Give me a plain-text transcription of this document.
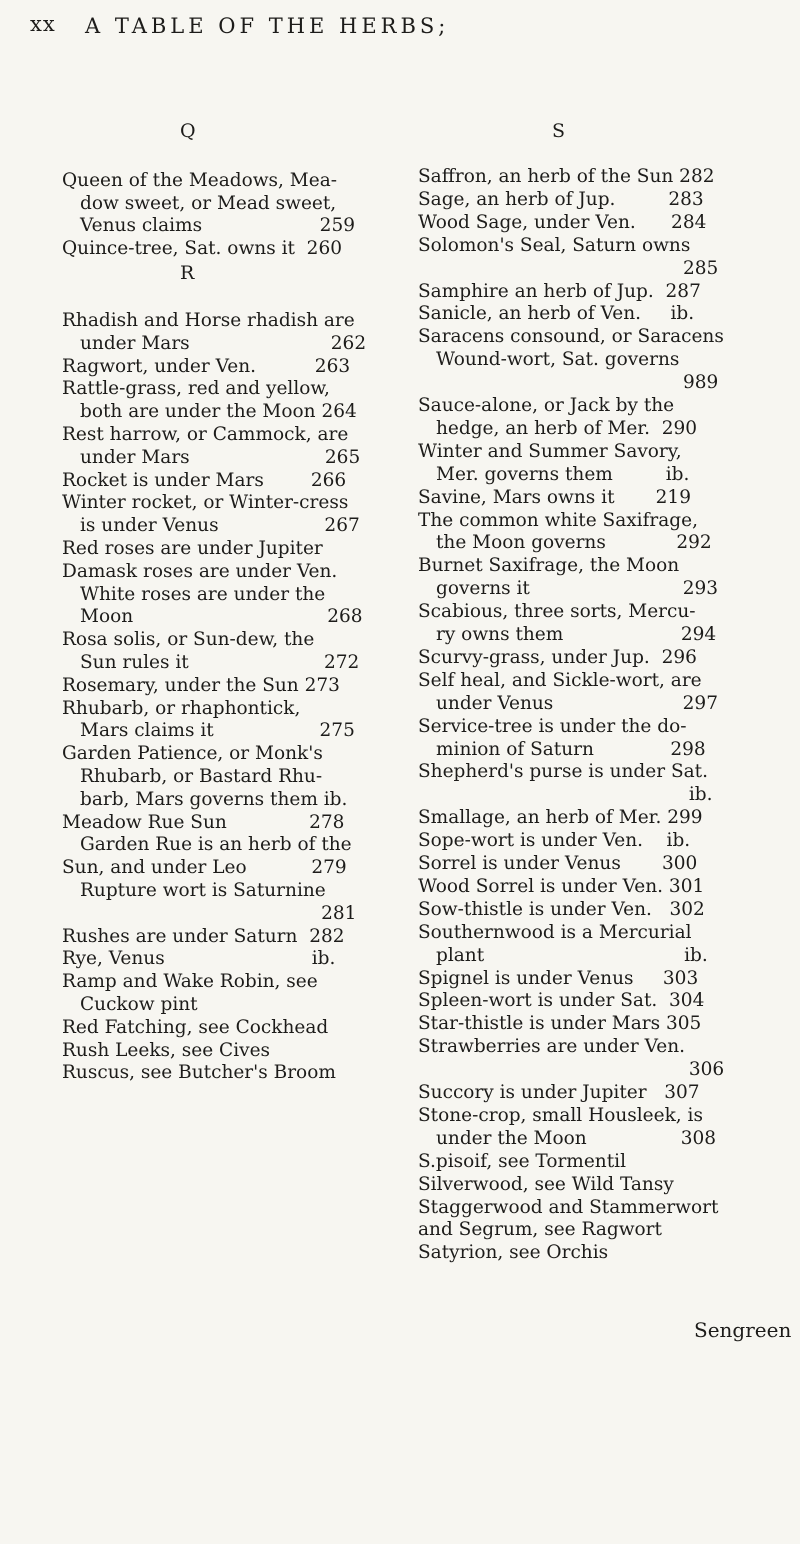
xx A TABLE OF THE HERBS;
Q
Queen of the Meadows, Mea-
dow sweet, or Mead sweet,
Venus claims                    259
Quince-tree, Sat. owns it  260
R
Rhadish and Horse rhadish are
under Mars                        262
Ragwort, under Ven.          263
Rattle-grass, red and yellow,
both are under the Moon 264
Rest harrow, or Cammock, are
under Mars                       265
Rocket is under Mars        266
Winter rocket, or Winter-cress
is under Venus                  267
Red roses are under Jupiter
Damask roses are under Ven.
White roses are under the
Moon                                 268
Rosa solis, or Sun-dew, the
Sun rules it                       272
Rosemary, under the Sun 273
Rhubarb, or rhaphontick,
Mars claims it                  275
Garden Patience, or Monk's
Rhubarb, or Bastard Rhu-
barb, Mars governs them ib.
Meadow Rue Sun              278
Garden Rue is an herb of the
Sun, and under Leo           279
Rupture wort is Saturnine
281
Rushes are under Saturn  282
Rye, Venus                         ib.
Ramp and Wake Robin, see
Cuckow pint
Red Fatching, see Cockhead
Rush Leeks, see Cives
Ruscus, see Butcher's Broom
S
Saffron, an herb of the Sun 282
Sage, an herb of Jup.         283
Wood Sage, under Ven.      284
Solomon's Seal, Saturn owns
285
Samphire an herb of Jup.  287
Sanicle, an herb of Ven.     ib.
Saracens consound, or Saracens
Wound-wort, Sat. governs
989
Sauce-alone, or Jack by the
hedge, an herb of Mer.  290
Winter and Summer Savory,
Mer. governs them         ib.
Savine, Mars owns it       219
The common white Saxifrage,
the Moon governs            292
Burnet Saxifrage, the Moon
governs it                          293
Scabious, three sorts, Mercu-
ry owns them                    294
Scurvy-grass, under Jup.  296
Self heal, and Sickle-wort, are
under Venus                      297
Service-tree is under the do-
minion of Saturn             298
Shepherd's purse is under Sat.
ib.
Smallage, an herb of Mer. 299
Sope-wort is under Ven.    ib.
Sorrel is under Venus       300
Wood Sorrel is under Ven. 301
Sow-thistle is under Ven.   302
Southernwood is a Mercurial
plant                                  ib.
Spignel is under Venus     303
Spleen-wort is under Sat.  304
Star-thistle is under Mars 305
Strawberries are under Ven.
306
Succory is under Jupiter   307
Stone-crop, small Housleek, is
under the Moon                308
S.pisoif, see Tormentil
Silverwood, see Wild Tansy
Staggerwood and Stammerwort
and Segrum, see Ragwort
Satyrion, see Orchis
Sengreen
